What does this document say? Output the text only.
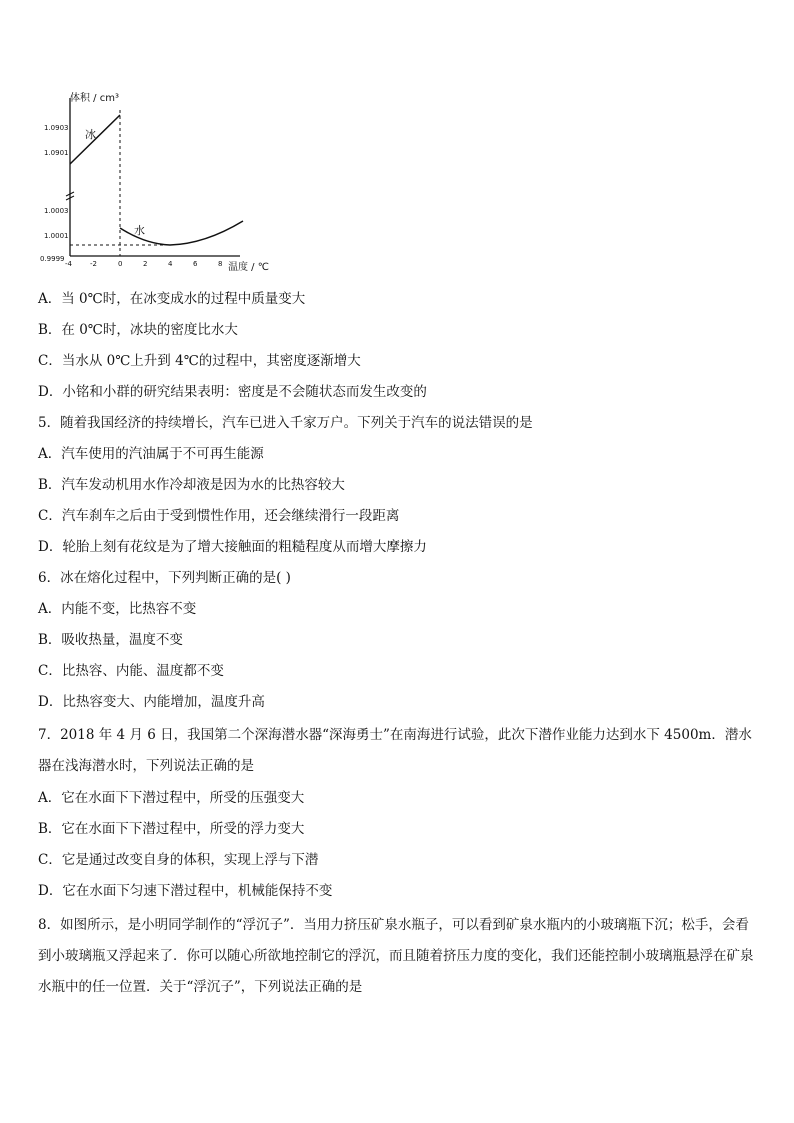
体积 / cm³
温度 / ℃
冰
水
1.0903
1.0901
1.0003
1.0001
0.9999
-4	-2	0	2	4	6	8
A．当 0℃时，在冰变成水的过程中质量变大
B．在 0℃时，冰块的密度比水大
C．当水从 0℃上升到 4℃的过程中，其密度逐渐增大
D．小铭和小群的研究结果表明：密度是不会随状态而发生改变的
5．随着我国经济的持续增长，汽车已进入千家万户。下列关于汽车的说法错误的是
A．汽车使用的汽油属于不可再生能源
B．汽车发动机用水作冷却液是因为水的比热容较大
C．汽车刹车之后由于受到惯性作用，还会继续滑行一段距离
D．轮胎上刻有花纹是为了增大接触面的粗糙程度从而增大摩擦力
6．冰在熔化过程中，下列判断正确的是( )
A．内能不变，比热容不变
B．吸收热量，温度不变
C．比热容、内能、温度都不变
D．比热容变大、内能增加，温度升高
7．2018 年 4 月 6 日，我国第二个深海潜水器“深海勇士”在南海进行试验，此次下潜作业能力达到水下 4500m．潜水器在浅海潜水时，下列说法正确的是
A．它在水面下下潜过程中，所受的压强变大
B．它在水面下下潜过程中，所受的浮力变大
C．它是通过改变自身的体积，实现上浮与下潜
D．它在水面下匀速下潜过程中，机械能保持不变
8．如图所示，是小明同学制作的“浮沉子”．当用力挤压矿泉水瓶子，可以看到矿泉水瓶内的小玻璃瓶下沉；松手，会看到小玻璃瓶又浮起来了．你可以随心所欲地控制它的浮沉，而且随着挤压力度的变化，我们还能控制小玻璃瓶悬浮在矿泉水瓶中的任一位置．关于“浮沉子”，下列说法正确的是
